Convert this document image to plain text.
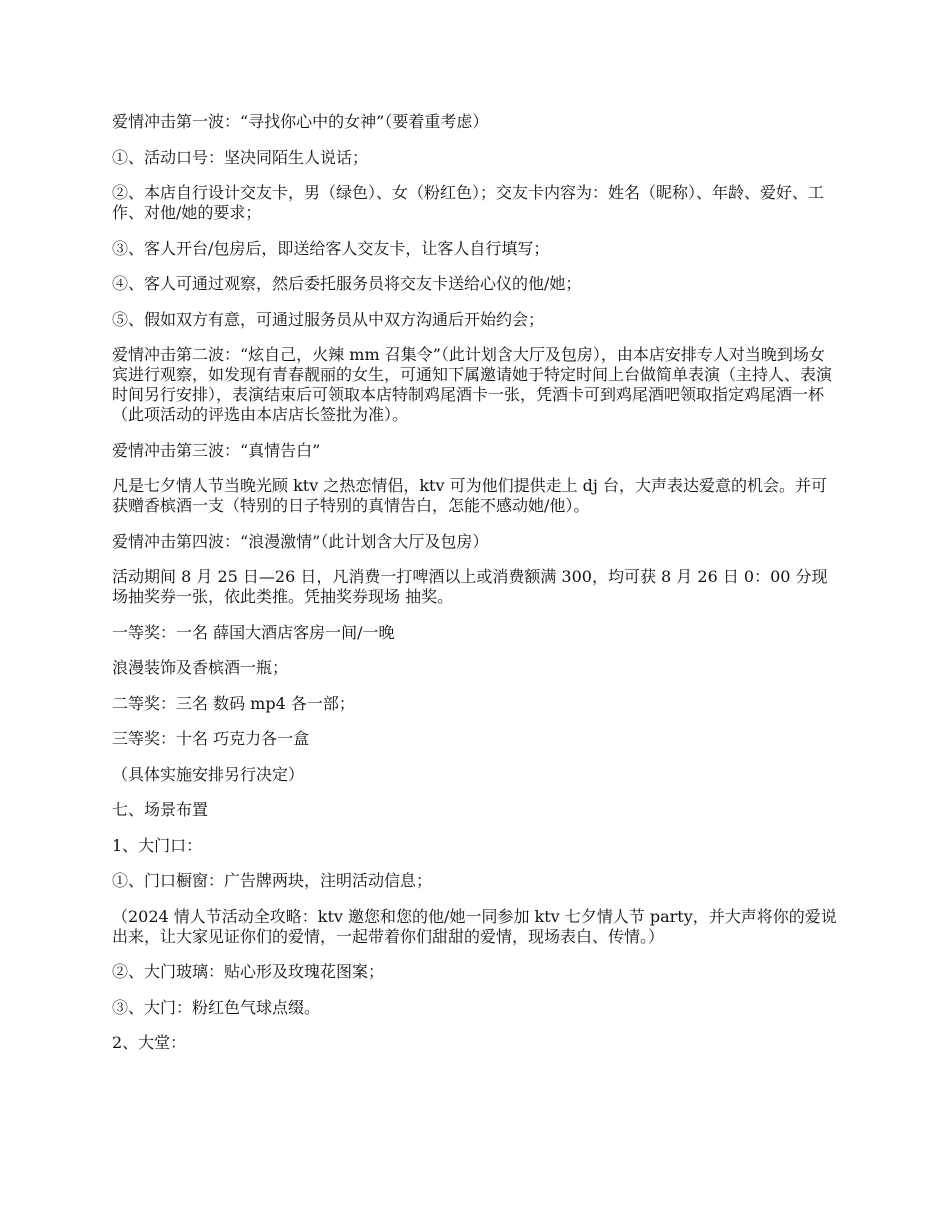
爱情冲击第一波：“寻找你心中的女神”（要着重考虑）

①、活动口号：坚决同陌生人说话；

②、本店自行设计交友卡，男（绿色）、女（粉红色）；交友卡内容为：姓名（昵称）、年龄、爱好、工作、对他/她的要求；

③、客人开台/包房后，即送给客人交友卡，让客人自行填写；

④、客人可通过观察，然后委托服务员将交友卡送给心仪的他/她；

⑤、假如双方有意，可通过服务员从中双方沟通后开始约会；

爱情冲击第二波：“炫自己，火辣 mm 召集令”（此计划含大厅及包房），由本店安排专人对当晚到场女宾进行观察，如发现有青春靓丽的女生，可通知下属邀请她于特定时间上台做简单表演（主持人、表演时间另行安排），表演结束后可领取本店特制鸡尾酒卡一张，凭酒卡可到鸡尾酒吧领取指定鸡尾酒一杯（此项活动的评选由本店店长签批为准）。

爱情冲击第三波：“真情告白”

凡是七夕情人节当晚光顾 ktv 之热恋情侣，ktv 可为他们提供走上 dj 台，大声表达爱意的机会。并可获赠香槟酒一支（特别的日子特别的真情告白，怎能不感动她/他）。

爱情冲击第四波：“浪漫激情”（此计划含大厅及包房）

活动期间 8 月 25 日—26 日，凡消费一打啤酒以上或消费额满 300，均可获 8 月 26 日 0：00 分现场抽奖券一张，依此类推。凭抽奖券现场 抽奖。

一等奖：一名 薛国大酒店客房一间/一晚

浪漫装饰及香槟酒一瓶；

二等奖：三名 数码 mp4 各一部；

三等奖：十名 巧克力各一盒

（具体实施安排另行决定）

七、场景布置

1、大门口：

①、门口橱窗：广告牌两块，注明活动信息；

（2024 情人节活动全攻略：ktv 邀您和您的他/她一同参加 ktv 七夕情人节 party，并大声将你的爱说出来，让大家见证你们的爱情，一起带着你们甜甜的爱情，现场表白、传情。）

②、大门玻璃：贴心形及玫瑰花图案；

③、大门：粉红色气球点缀。

2、大堂：
